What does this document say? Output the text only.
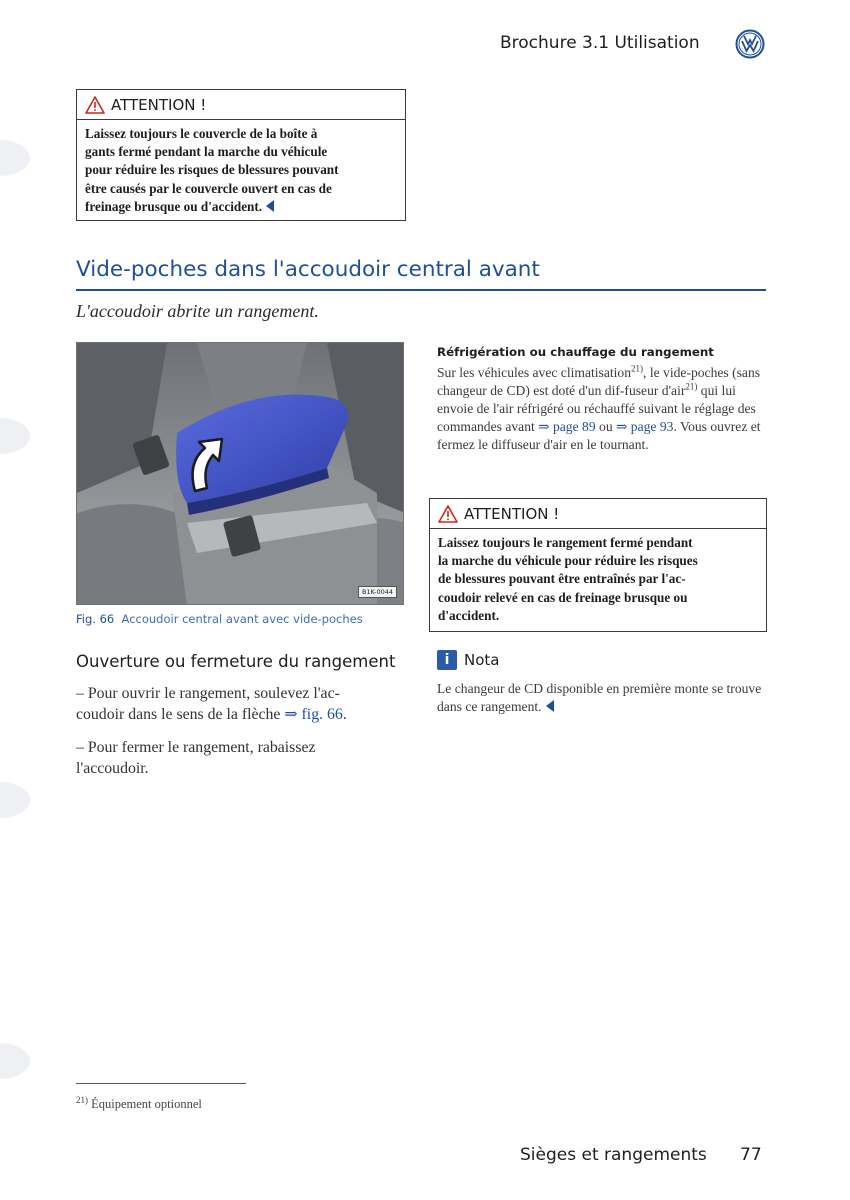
Brochure 3.1 Utilisation
ATTENTION !
Laissez toujours le couvercle de la boîte à
gants fermé pendant la marche du véhicule
pour réduire les risques de blessures pouvant
être causés par le couvercle ouvert en cas de
freinage brusque ou d'accident.
Vide-poches dans l'accoudoir central avant
L'accoudoir abrite un rangement.
B1K-0044
Fig. 66 Accoudoir central avant avec vide-poches
Ouverture ou fermeture du rangement
– Pour ouvrir le rangement, soulevez l'ac-
coudoir dans le sens de la flèche ⇒ fig. 66.
– Pour fermer le rangement, rabaissez
l'accoudoir.
Réfrigération ou chauffage du rangement
Sur les véhicules avec climatisation$^{21)}$, le vide-poches (sans changeur de CD) est doté d'un dif-fuseur d'air$^{21)}$ qui lui envoie de l'air réfrigéré ou réchauffé suivant le réglage des commandes avant ⇒ page 89 ou ⇒ page 93. Vous ouvrez et fermez le diffuseur d'air en le tournant.
ATTENTION !
Laissez toujours le rangement fermé pendant
la marche du véhicule pour réduire les risques
de blessures pouvant être entraînés par l'ac-
coudoir relevé en cas de freinage brusque ou
d'accident.
i Nota
Le changeur de CD disponible en première monte se trouve dans ce rangement.
$^{21)}$ Équipement optionnel
Sièges et rangements 77
